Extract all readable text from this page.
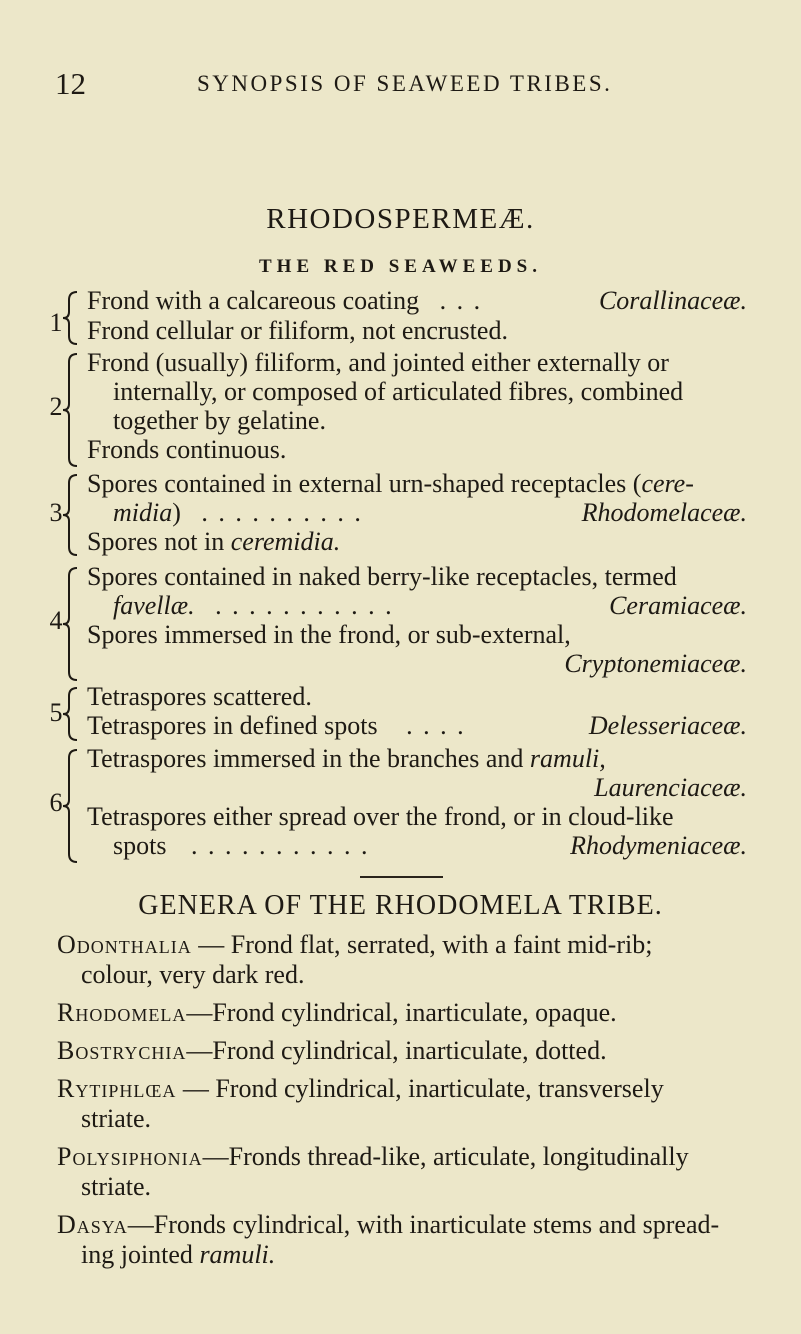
12	SYNOPSIS OF SEAWEED TRIBES.
RHODOSPERMEÆ.
THE RED SEAWEEDS.
1
Frond with a calcareous coating . . .	Corallinaceæ.
Frond cellular or filiform, not encrusted.
2
Frond (usually) filiform, and jointed either externally or
internally, or composed of articulated fibres, combined
together by gelatine.
Fronds continuous.
3
Spores contained in external urn-shaped receptacles (cere-
midia) . . . . . . . . . .	Rhodomelaceæ.
Spores not in ceremidia.
4
Spores contained in naked berry-like receptacles, termed
favellæ. . . . . . . . . . . .	Ceramiaceæ.
Spores immersed in the frond, or sub-external,
Cryptonemiaceæ.
5
Tetraspores scattered.
Tetraspores in defined spots . . . .	Delesseriaceæ.
6
Tetraspores immersed in the branches and ramuli,
Laurenciaceæ.
Tetraspores either spread over the frond, or in cloud-like
spots . . . . . . . . . . .	Rhodymeniaceæ.
GENERA OF THE RHODOMELA TRIBE.
Odonthalia — Frond flat, serrated, with a faint mid-rib;
colour, very dark red.
Rhodomela—Frond cylindrical, inarticulate, opaque.
Bostrychia—Frond cylindrical, inarticulate, dotted.
Rytiphlœa — Frond cylindrical, inarticulate, transversely
striate.
Polysiphonia—Fronds thread-like, articulate, longitudinally
striate.
Dasya—Fronds cylindrical, with inarticulate stems and spread-
ing jointed ramuli.
